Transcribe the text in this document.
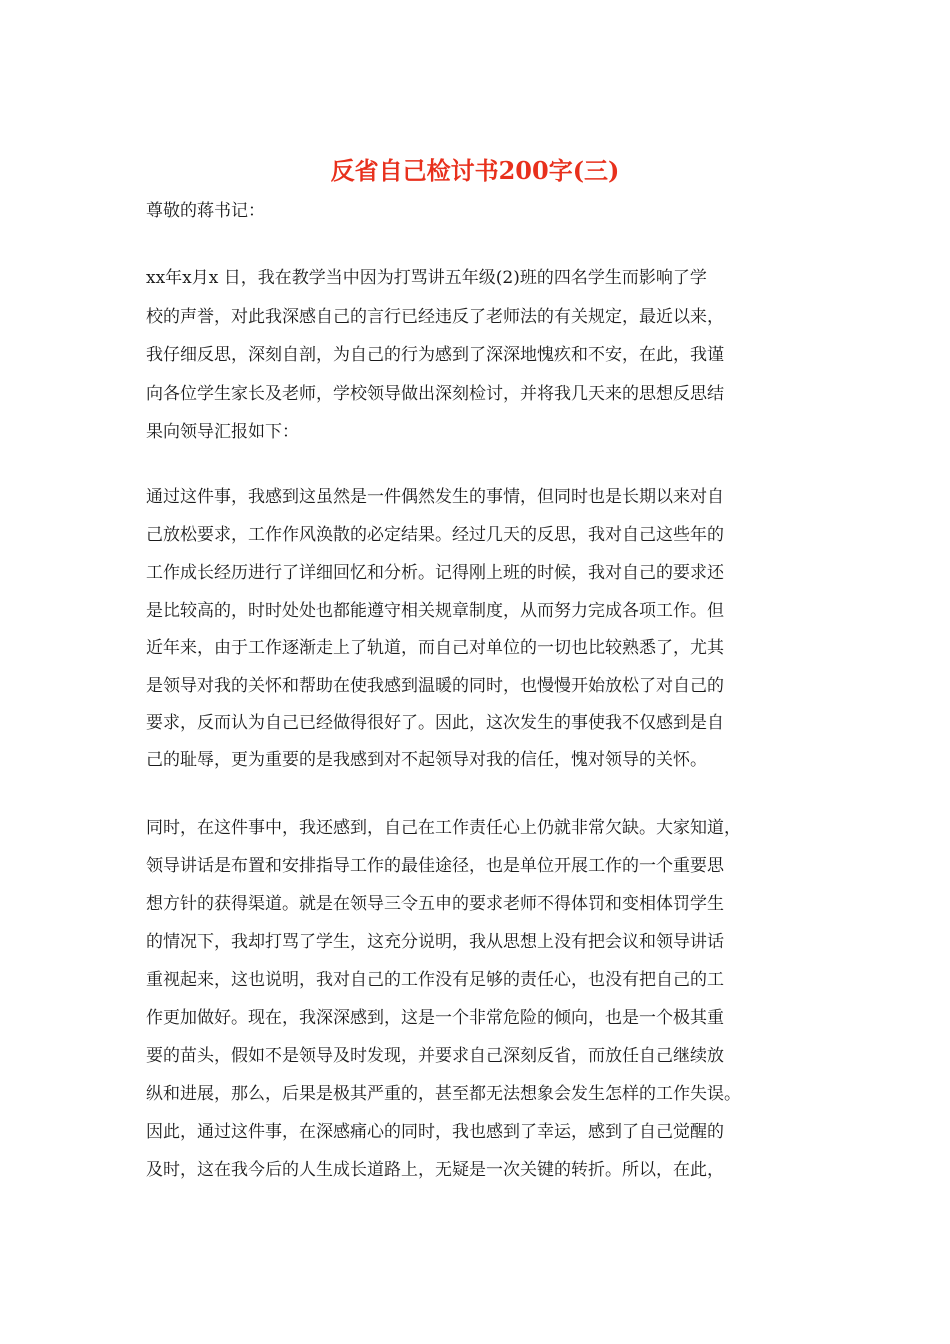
反省自己检讨书200字(三)

尊敬的蒋书记：

xx年x月x 日，我在教学当中因为打骂讲五年级(2)班的四名学生而影响了学

校的声誉，对此我深感自己的言行已经违反了老师法的有关规定，最近以来，

我仔细反思，深刻自剖，为自己的行为感到了深深地愧疚和不安，在此，我谨

向各位学生家长及老师，学校领导做出深刻检讨，并将我几天来的思想反思结

果向领导汇报如下：

通过这件事，我感到这虽然是一件偶然发生的事情，但同时也是长期以来对自

己放松要求，工作作风涣散的必定结果。经过几天的反思，我对自己这些年的

工作成长经历进行了详细回忆和分析。记得刚上班的时候，我对自己的要求还

是比较高的，时时处处也都能遵守相关规章制度，从而努力完成各项工作。但

近年来，由于工作逐渐走上了轨道，而自己对单位的一切也比较熟悉了，尤其

是领导对我的关怀和帮助在使我感到温暖的同时，也慢慢开始放松了对自己的

要求，反而认为自己已经做得很好了。因此，这次发生的事使我不仅感到是自

己的耻辱，更为重要的是我感到对不起领导对我的信任，愧对领导的关怀。

同时，在这件事中，我还感到，自己在工作责任心上仍就非常欠缺。大家知道，

领导讲话是布置和安排指导工作的最佳途径，也是单位开展工作的一个重要思

想方针的获得渠道。就是在领导三令五申的要求老师不得体罚和变相体罚学生

的情况下，我却打骂了学生，这充分说明，我从思想上没有把会议和领导讲话

重视起来，这也说明，我对自己的工作没有足够的责任心，也没有把自己的工

作更加做好。现在，我深深感到，这是一个非常危险的倾向，也是一个极其重

要的苗头，假如不是领导及时发现，并要求自己深刻反省，而放任自己继续放

纵和进展，那么，后果是极其严重的，甚至都无法想象会发生怎样的工作失误。

因此，通过这件事，在深感痛心的同时，我也感到了幸运，感到了自己觉醒的

及时，这在我今后的人生成长道路上，无疑是一次关键的转折。所以，在此，
